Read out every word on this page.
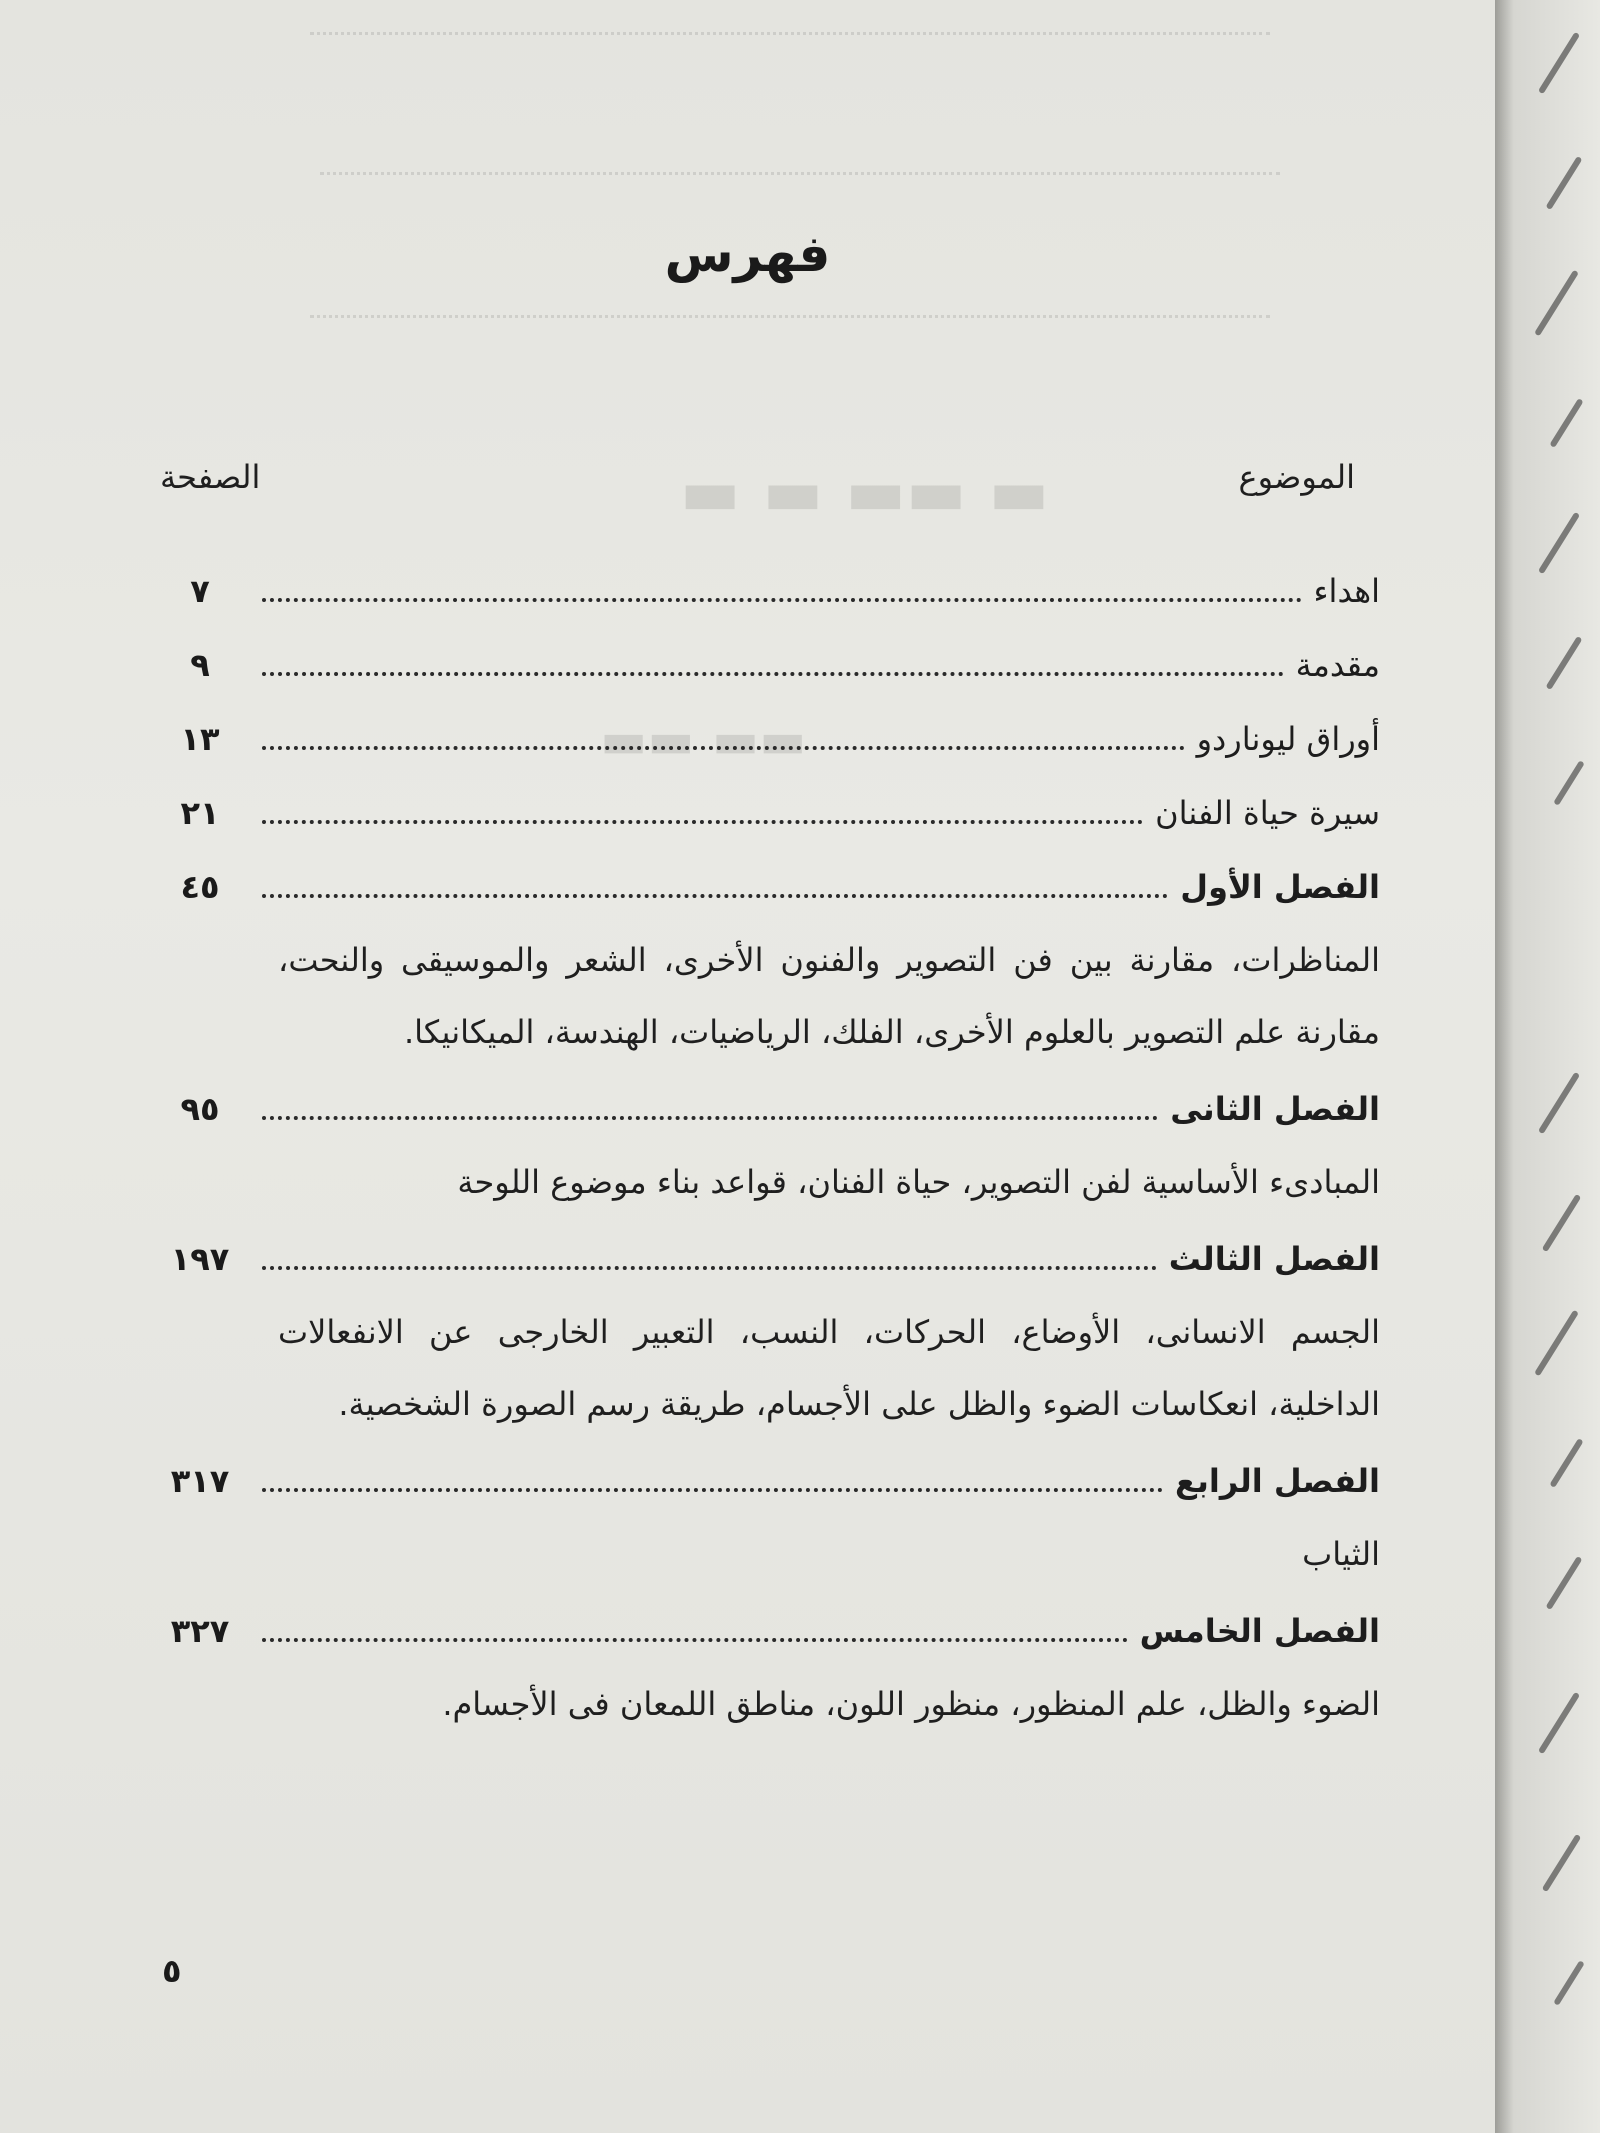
▬ ▬ ▬▬ ▬
▬▬ ▬▬
فهرس
الموضوع
الصفحة
اهداء
٧
مقدمة
٩
أوراق ليوناردو
١٣
سيرة حياة الفنان
٢١
الفصل الأول
٤٥
المناظرات، مقارنة بين فن التصوير والفنون الأخرى، الشعر والموسيقى والنحت، مقارنة علم التصوير بالعلوم الأخرى، الفلك، الرياضيات، الهندسة، الميكانيكا.
الفصل الثانى
٩٥
المبادىء الأساسية لفن التصوير، حياة الفنان، قواعد بناء موضوع اللوحة
الفصل الثالث
١٩٧
الجسم الانسانى، الأوضاع، الحركات، النسب، التعبير الخارجى عن الانفعالات الداخلية، انعكاسات الضوء والظل على الأجسام، طريقة رسم الصورة الشخصية.
الفصل الرابع
٣١٧
الثياب
الفصل الخامس
٣٢٧
الضوء والظل، علم المنظور، منظور اللون، مناطق اللمعان فى الأجسام.
٥
